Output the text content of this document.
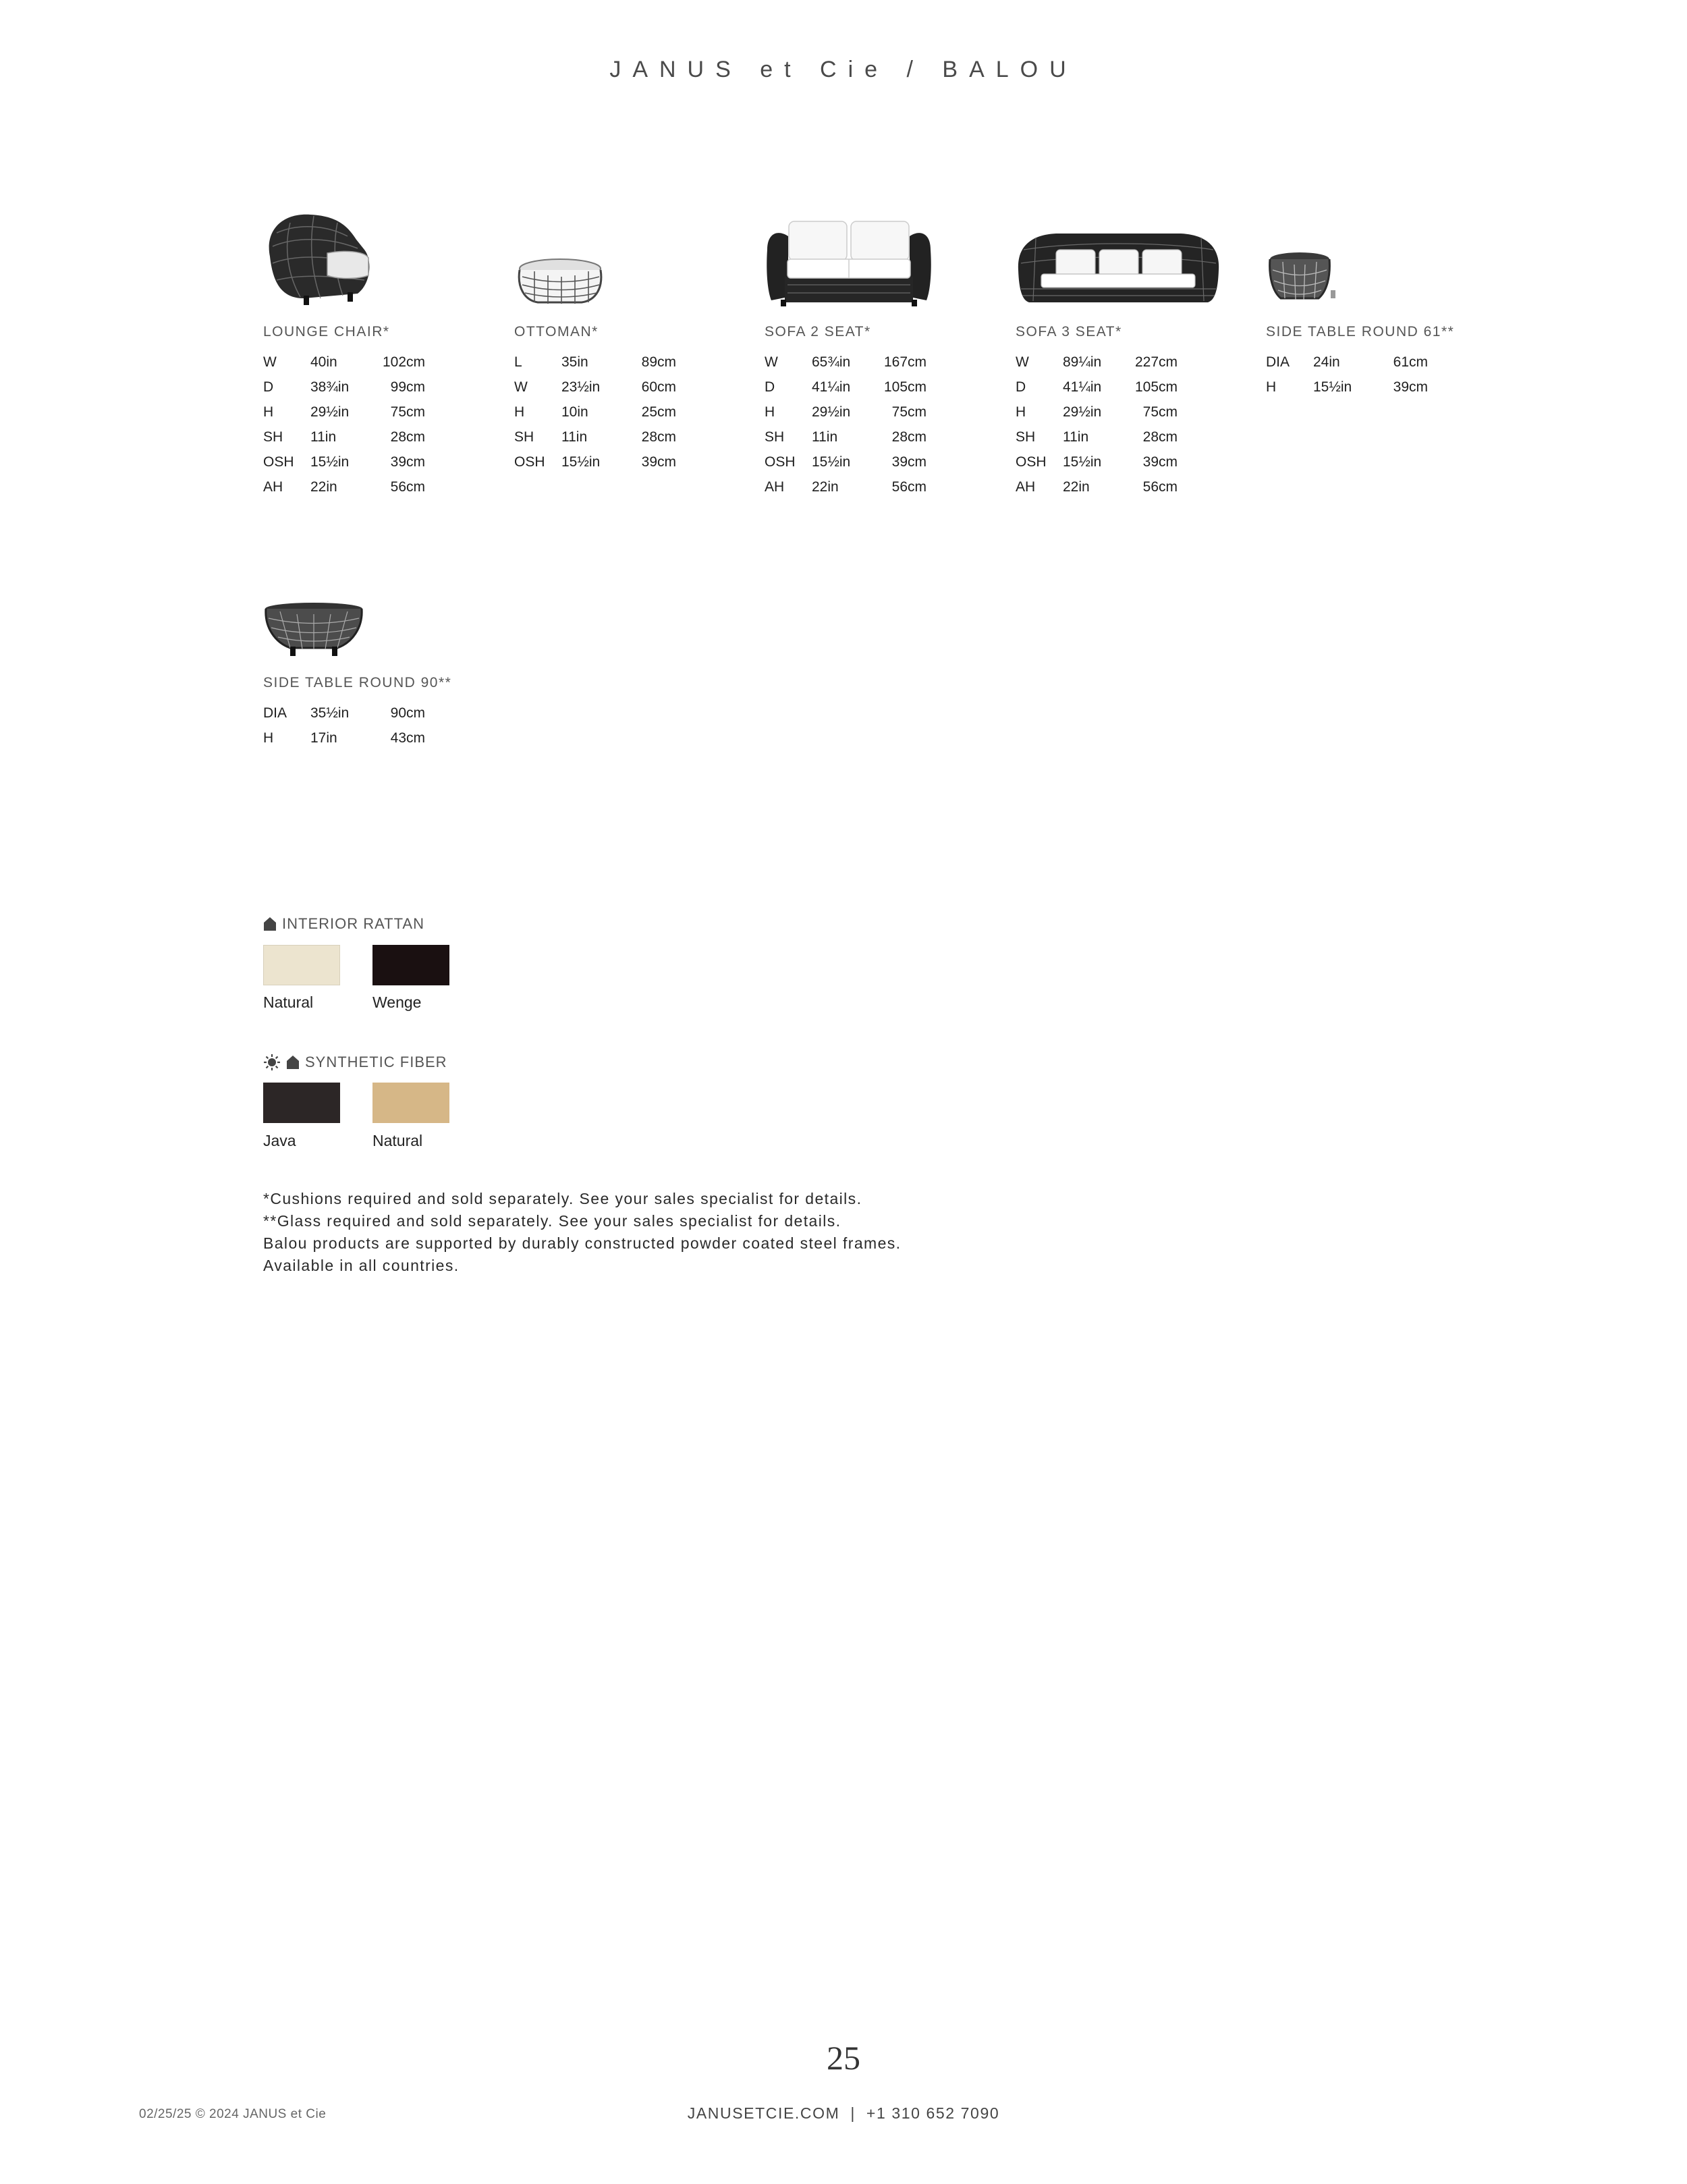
JANUS et Cie / BALOU
LOUNGE CHAIR*
W	40in	102cm
D	38¾in	99cm
H	29½in	75cm
SH	11in	28cm
OSH	15½in	39cm
AH	22in	56cm
OTTOMAN*
L	35in	89cm
W	23½in	60cm
H	10in	25cm
SH	11in	28cm
OSH	15½in	39cm
SOFA 2 SEAT*
W	65¾in	167cm
D	41¼in	105cm
H	29½in	75cm
SH	11in	28cm
OSH	15½in	39cm
AH	22in	56cm
SOFA 3 SEAT*
W	89¼in	227cm
D	41¼in	105cm
H	29½in	75cm
SH	11in	28cm
OSH	15½in	39cm
AH	22in	56cm
SIDE TABLE ROUND 61**
DIA	24in	61cm
H	15½in	39cm
SIDE TABLE ROUND 90**
DIA	35½in	90cm
H	17in	43cm
INTERIOR RATTAN
Natural	Wenge
SYNTHETIC FIBER
Java	Natural
*Cushions required and sold separately. See your sales specialist for details.
**Glass required and sold separately. See your sales specialist for details.
Balou products are supported by durably constructed powder coated steel frames.
Available in all countries.
25
02/25/25 © 2024 JANUS et Cie	JANUSETCIE.COM | +1 310 652 7090
